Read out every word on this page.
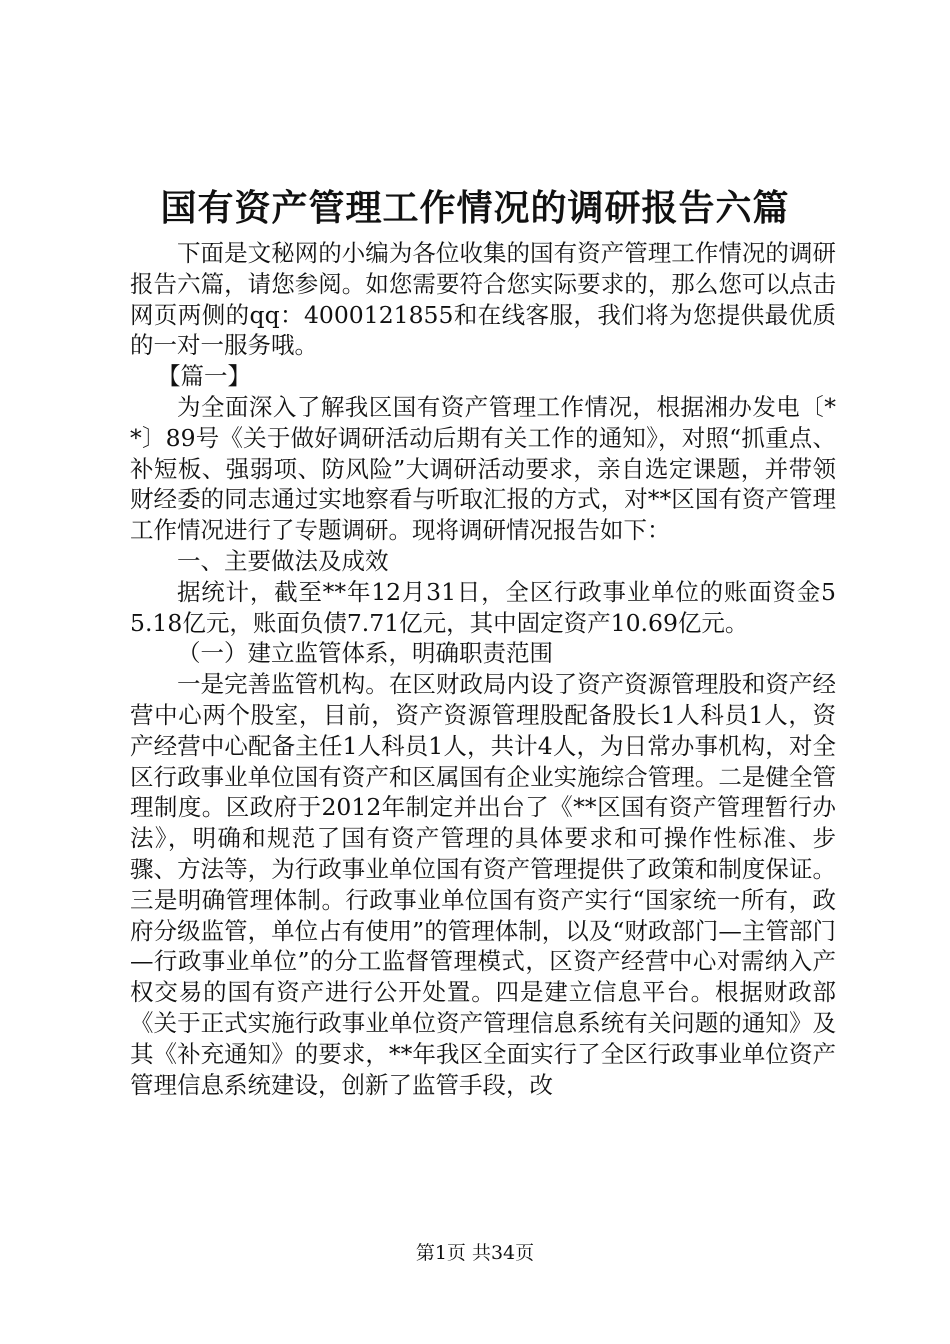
国有资产管理工作情况的调研报告六篇

下面是文秘网的小编为各位收集的国有资产管理工作情况的调研报告六篇，请您参阅。如您需要符合您实际要求的，那么您可以点击网页两侧的qq：4000121855和在线客服，我们将为您提供最优质的一对一服务哦。

【篇一】

为全面深入了解我区国有资产管理工作情况，根据湘办发电〔**〕89号《关于做好调研活动后期有关工作的通知》，对照“抓重点、补短板、强弱项、防风险”大调研活动要求，亲自选定课题，并带领财经委的同志通过实地察看与听取汇报的方式，对**区国有资产管理工作情况进行了专题调研。现将调研情况报告如下：

一、主要做法及成效

据统计，截至**年12月31日，全区行政事业单位的账面资金55.18亿元，账面负债7.71亿元，其中固定资产10.69亿元。

（一）建立监管体系，明确职责范围

一是完善监管机构。在区财政局内设了资产资源管理股和资产经营中心两个股室，目前，资产资源管理股配备股长1人科员1人，资产经营中心配备主任1人科员1人，共计4人，为日常办事机构，对全区行政事业单位国有资产和区属国有企业实施综合管理。二是健全管理制度。区政府于2012年制定并出台了《**区国有资产管理暂行办法》，明确和规范了国有资产管理的具体要求和可操作性标准、步骤、方法等，为行政事业单位国有资产管理提供了政策和制度保证。三是明确管理体制。行政事业单位国有资产实行“国家统一所有，政府分级监管，单位占有使用”的管理体制，以及“财政部门—主管部门—行政事业单位”的分工监督管理模式，区资产经营中心对需纳入产权交易的国有资产进行公开处置。四是建立信息平台。根据财政部《关于正式实施行政事业单位资产管理信息系统有关问题的通知》及其《补充通知》的要求，**年我区全面实行了全区行政事业单位资产管理信息系统建设，创新了监管手段，改

第1页 共34页
